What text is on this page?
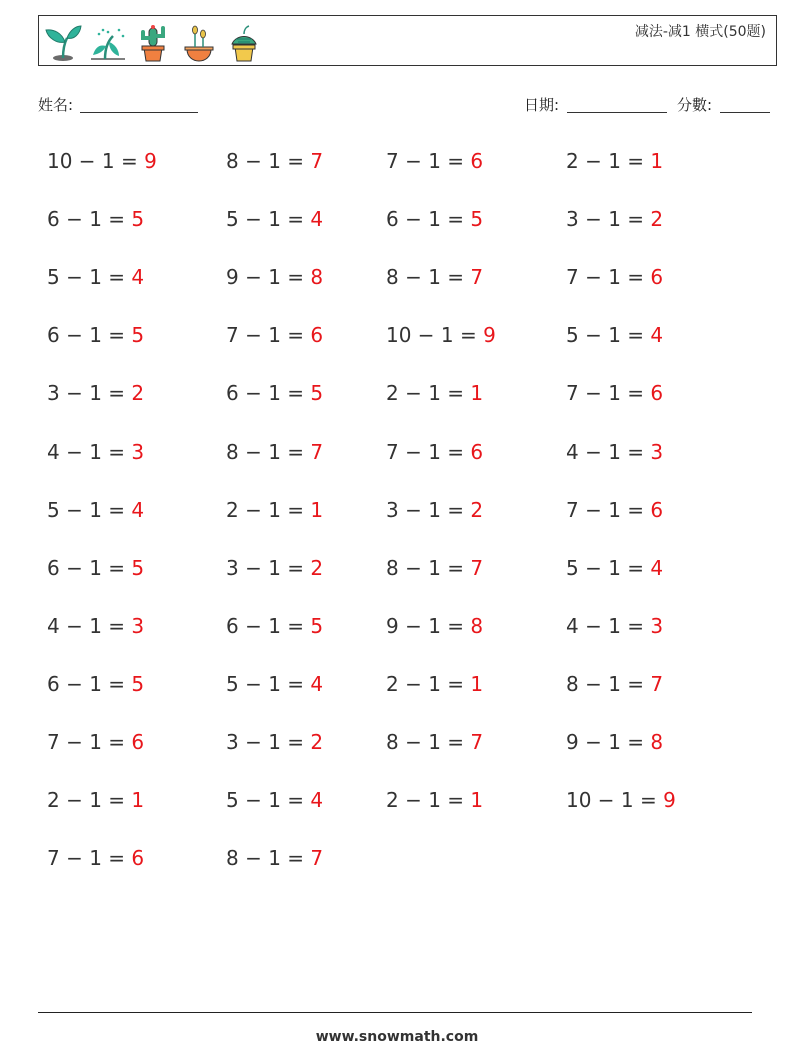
减法-减1 横式(50题)
姓名:	日期:	分數:
10 − 1 = 9	8 − 1 = 7	7 − 1 = 6	2 − 1 = 1
6 − 1 = 5	5 − 1 = 4	6 − 1 = 5	3 − 1 = 2
5 − 1 = 4	9 − 1 = 8	8 − 1 = 7	7 − 1 = 6
6 − 1 = 5	7 − 1 = 6	10 − 1 = 9	5 − 1 = 4
3 − 1 = 2	6 − 1 = 5	2 − 1 = 1	7 − 1 = 6
4 − 1 = 3	8 − 1 = 7	7 − 1 = 6	4 − 1 = 3
5 − 1 = 4	2 − 1 = 1	3 − 1 = 2	7 − 1 = 6
6 − 1 = 5	3 − 1 = 2	8 − 1 = 7	5 − 1 = 4
4 − 1 = 3	6 − 1 = 5	9 − 1 = 8	4 − 1 = 3
6 − 1 = 5	5 − 1 = 4	2 − 1 = 1	8 − 1 = 7
7 − 1 = 6	3 − 1 = 2	8 − 1 = 7	9 − 1 = 8
2 − 1 = 1	5 − 1 = 4	2 − 1 = 1	10 − 1 = 9
7 − 1 = 6	8 − 1 = 7
www.snowmath.com
